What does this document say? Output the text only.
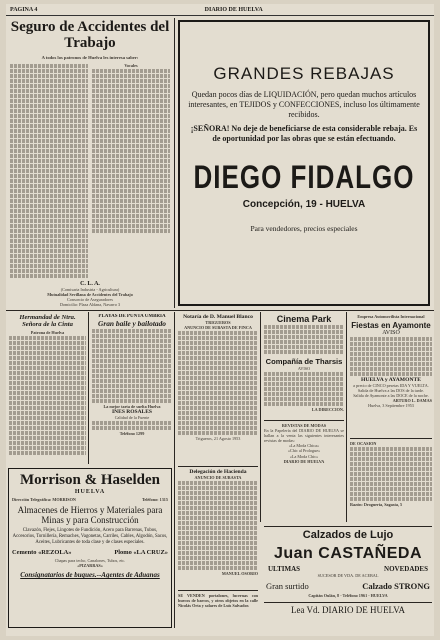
PAGINA 4	DIARIO DE HUELVA
Seguro de Accidentes del Trabajo
A todos los patronos de Huelva les interesa saber:
Vocales
C. L. A.
(Comisaria Industria - Agricultura)
Mutualidad Sevillana de Accidentes del Trabajo
Consorcio de Aseguradores
Domicilio: Plaza Aldana, Navarro 3
GRANDES REBAJAS
Quedan pocos días de LIQUIDACIÓN, pero quedan muchos artículos interesantes, en TEJIDOS y CONFECCIONES, incluso los últimamente recibidos.
¡SEÑORA! No deje de beneficiarse de esta considerable rebaja. Es de oportunidad por las obras que se están efectuando.
DIEGO FIDALGO
Concepción, 19 - HUELVA
Para vendedores, precios especiales
Hermandad de Ntra. Señora de la Cinta
Patrona de Huelva
PLAYAS DE PUNTA UMBRIA
Gran baile y bailotado
La mejor tarta de suelta Huelva
INES ROSALES
Calidad de la Fuente
Teléfono 1299
Notaría de D. Manuel Blanco
TRIGUEROS
ANUNCIO DE SUBASTA DE FINCA
Trigueros, 21 Agosto 1953
Cinema Park
Compañía de Tharsis
AVISO
LA DIRECCION.
REVISTAS DE MODAS
En la Papelería del DIARIO DE HUELVA se hallan a la venta las siguientes interesantes revistas de modas:
«La Moda Chica»
«Chic al Prologue»
«La Moda Chic»
DIARIO DE HUELVA
Empresa Automovilista Internacional
Fiestas en Ayamonte
AVISO
HUELVA y AYAMONTE
a precio de CINCO pesetas IDA Y VUELTA.
Salida de Huelva a las DOS de la tarde.
Salida de Ayamonte a las DOCE de la noche.
ARTURO L. DAMAS
Huelva, 3 Septiembre 1953
DE OCASION
Razón: Droguería, Sagasta, 5
Morrison & Haselden
HUELVA
Dirección Telegráfica: MORRISON	Teléfono: 1315
Almacenes de Hierros y Materiales para Minas y para Construcción
Clavazón, Flejes, Lingotes de Fundición, Acero para Barrenas, Tubos, Accesorios, Tornillería, Remaches, Vagonetas, Carriles, Cables, Algodón, Sacos, Aceites, Lubricantes de toda clase y de clases especiales.
Cemento «REZOLA»	Plomo «LA CRUZ»
Chapas para techo, Canalones, Tubos, etc.
«PIZARRAS»
Consignatarios de buques.--Agentes de Aduanas
Delegación de Hacienda
ANUNCIO DE SUBASTA
MANUEL OSORIO
SE VENDEN portalones, lucernas con huecos de barcos, y otros objetos en la calle Nicolás Orta y solares de Luis Salvador.
Calzados de Lujo
Juan CASTAÑEDA
ULTIMAS	NOVEDADES
SUCESOR DE VDA. DE ACEBAL
Gran surtido	Calzado STRONG
Capitán Oulán, 8 - Teléfono 1961 - HUELVA
Lea Vd. DIARIO DE HUELVA
